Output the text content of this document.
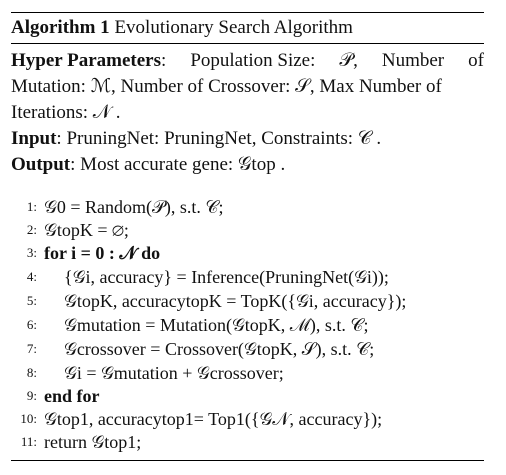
Algorithm 1 Evolutionary Search Algorithm
Hyper Parameters: Population Size: 𝒫, Number of
Mutation: ℳ, Number of Crossover: 𝒮, Max Number of
Iterations: 𝒩 .
Input: PruningNet: PruningNet, Constraints: 𝒞 .
Output: Most accurate gene: 𝒢top .
1: 𝒢0 = Random(𝒫), s.t. 𝒞;
2: 𝒢topK = ∅;
3: for i = 0 : 𝒩 do
4: {𝒢i, accuracy} = Inference(PruningNet(𝒢i));
5: 𝒢topK, accuracytopK = TopK({𝒢i, accuracy});
6: 𝒢mutation = Mutation(𝒢topK, ℳ), s.t. 𝒞;
7: 𝒢crossover = Crossover(𝒢topK, 𝒮), s.t. 𝒞;
8: 𝒢i = 𝒢mutation + 𝒢crossover;
9: end for
10: 𝒢top1, accuracytop1= Top1({𝒢𝒩, accuracy});
11: return 𝒢top1;
